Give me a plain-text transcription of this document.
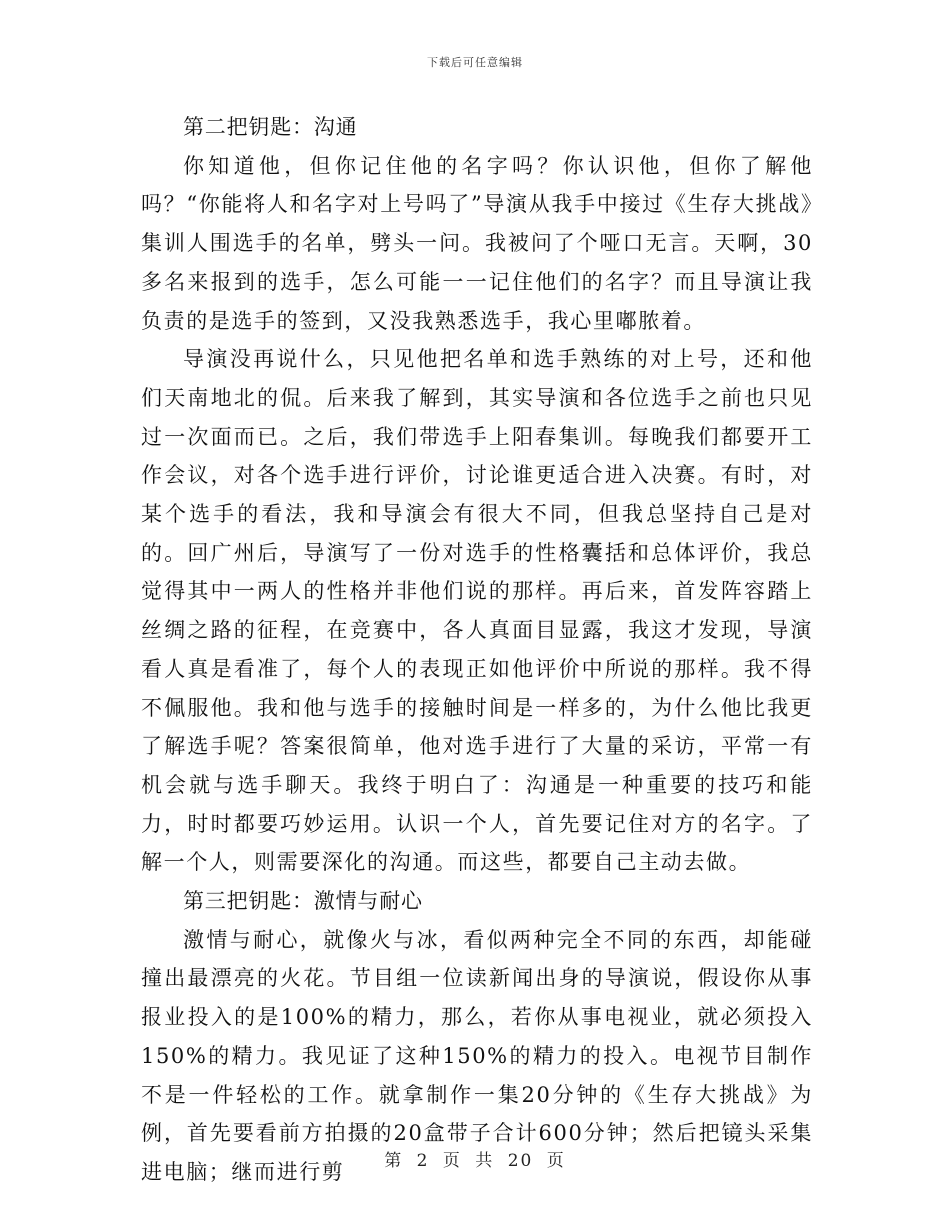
下载后可任意编辑

第二把钥匙：沟通

你知道他，但你记住他的名字吗？你认识他，但你了解他吗？“你能将人和名字对上号吗了”导演从我手中接过《生存大挑战》集训人围选手的名单，劈头一问。我被问了个哑口无言。天啊，30多名来报到的选手，怎么可能一一记住他们的名字？而且导演让我负责的是选手的签到，又没我熟悉选手，我心里嘟脓着。

导演没再说什么，只见他把名单和选手熟练的对上号，还和他们天南地北的侃。后来我了解到，其实导演和各位选手之前也只见过一次面而已。之后，我们带选手上阳春集训。每晚我们都要开工作会议，对各个选手进行评价，讨论谁更适合进入决赛。有时，对某个选手的看法，我和导演会有很大不同，但我总坚持自己是对的。回广州后，导演写了一份对选手的性格囊括和总体评价，我总觉得其中一两人的性格并非他们说的那样。再后来，首发阵容踏上丝绸之路的征程，在竞赛中，各人真面目显露，我这才发现，导演看人真是看准了，每个人的表现正如他评价中所说的那样。我不得不佩服他。我和他与选手的接触时间是一样多的，为什么他比我更了解选手呢？答案很简单，他对选手进行了大量的采访，平常一有机会就与选手聊天。我终于明白了：沟通是一种重要的技巧和能力，时时都要巧妙运用。认识一个人，首先要记住对方的名字。了解一个人，则需要深化的沟通。而这些，都要自己主动去做。

第三把钥匙：激情与耐心

激情与耐心，就像火与冰，看似两种完全不同的东西，却能碰撞出最漂亮的火花。节目组一位读新闻出身的导演说，假设你从事报业投入的是100%的精力，那么，若你从事电视业，就必须投入150%的精力。我见证了这种150%的精力的投入。电视节目制作不是一件轻松的工作。就拿制作一集20分钟的《生存大挑战》为例，首先要看前方拍摄的20盒带子合计600分钟；然后把镜头采集进电脑；继而进行剪	第 2 页 共 20 页
